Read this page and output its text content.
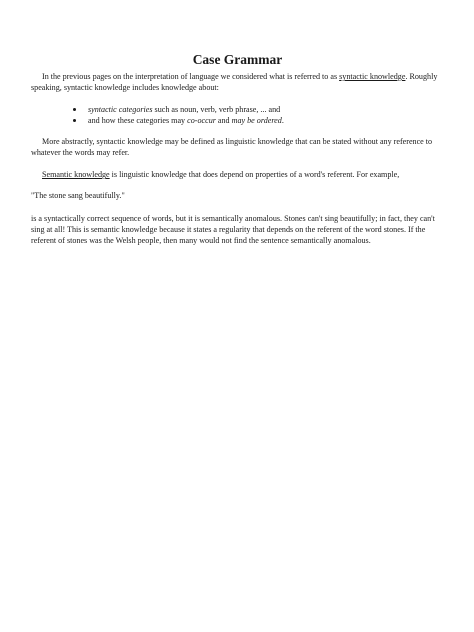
Case Grammar

In the previous pages on the interpretation of language we considered what is referred to as syntactic knowledge. Roughly speaking, syntactic knowledge includes knowledge about:

syntactic categories such as noun, verb, verb phrase, ... and
and how these categories may co-occur and may be ordered.

More abstractly, syntactic knowledge may be defined as linguistic knowledge that can be stated without any reference to whatever the words may refer.

Semantic knowledge is linguistic knowledge that does depend on properties of a word's referent. For example,

"The stone sang beautifully."

is a syntactically correct sequence of words, but it is semantically anomalous. Stones can't sing beautifully; in fact, they can't sing at all! This is semantic knowledge because it states a regularity that depends on the referent of the word stones. If the referent of stones was the Welsh people, then many would not find the sentence semantically anomalous.
